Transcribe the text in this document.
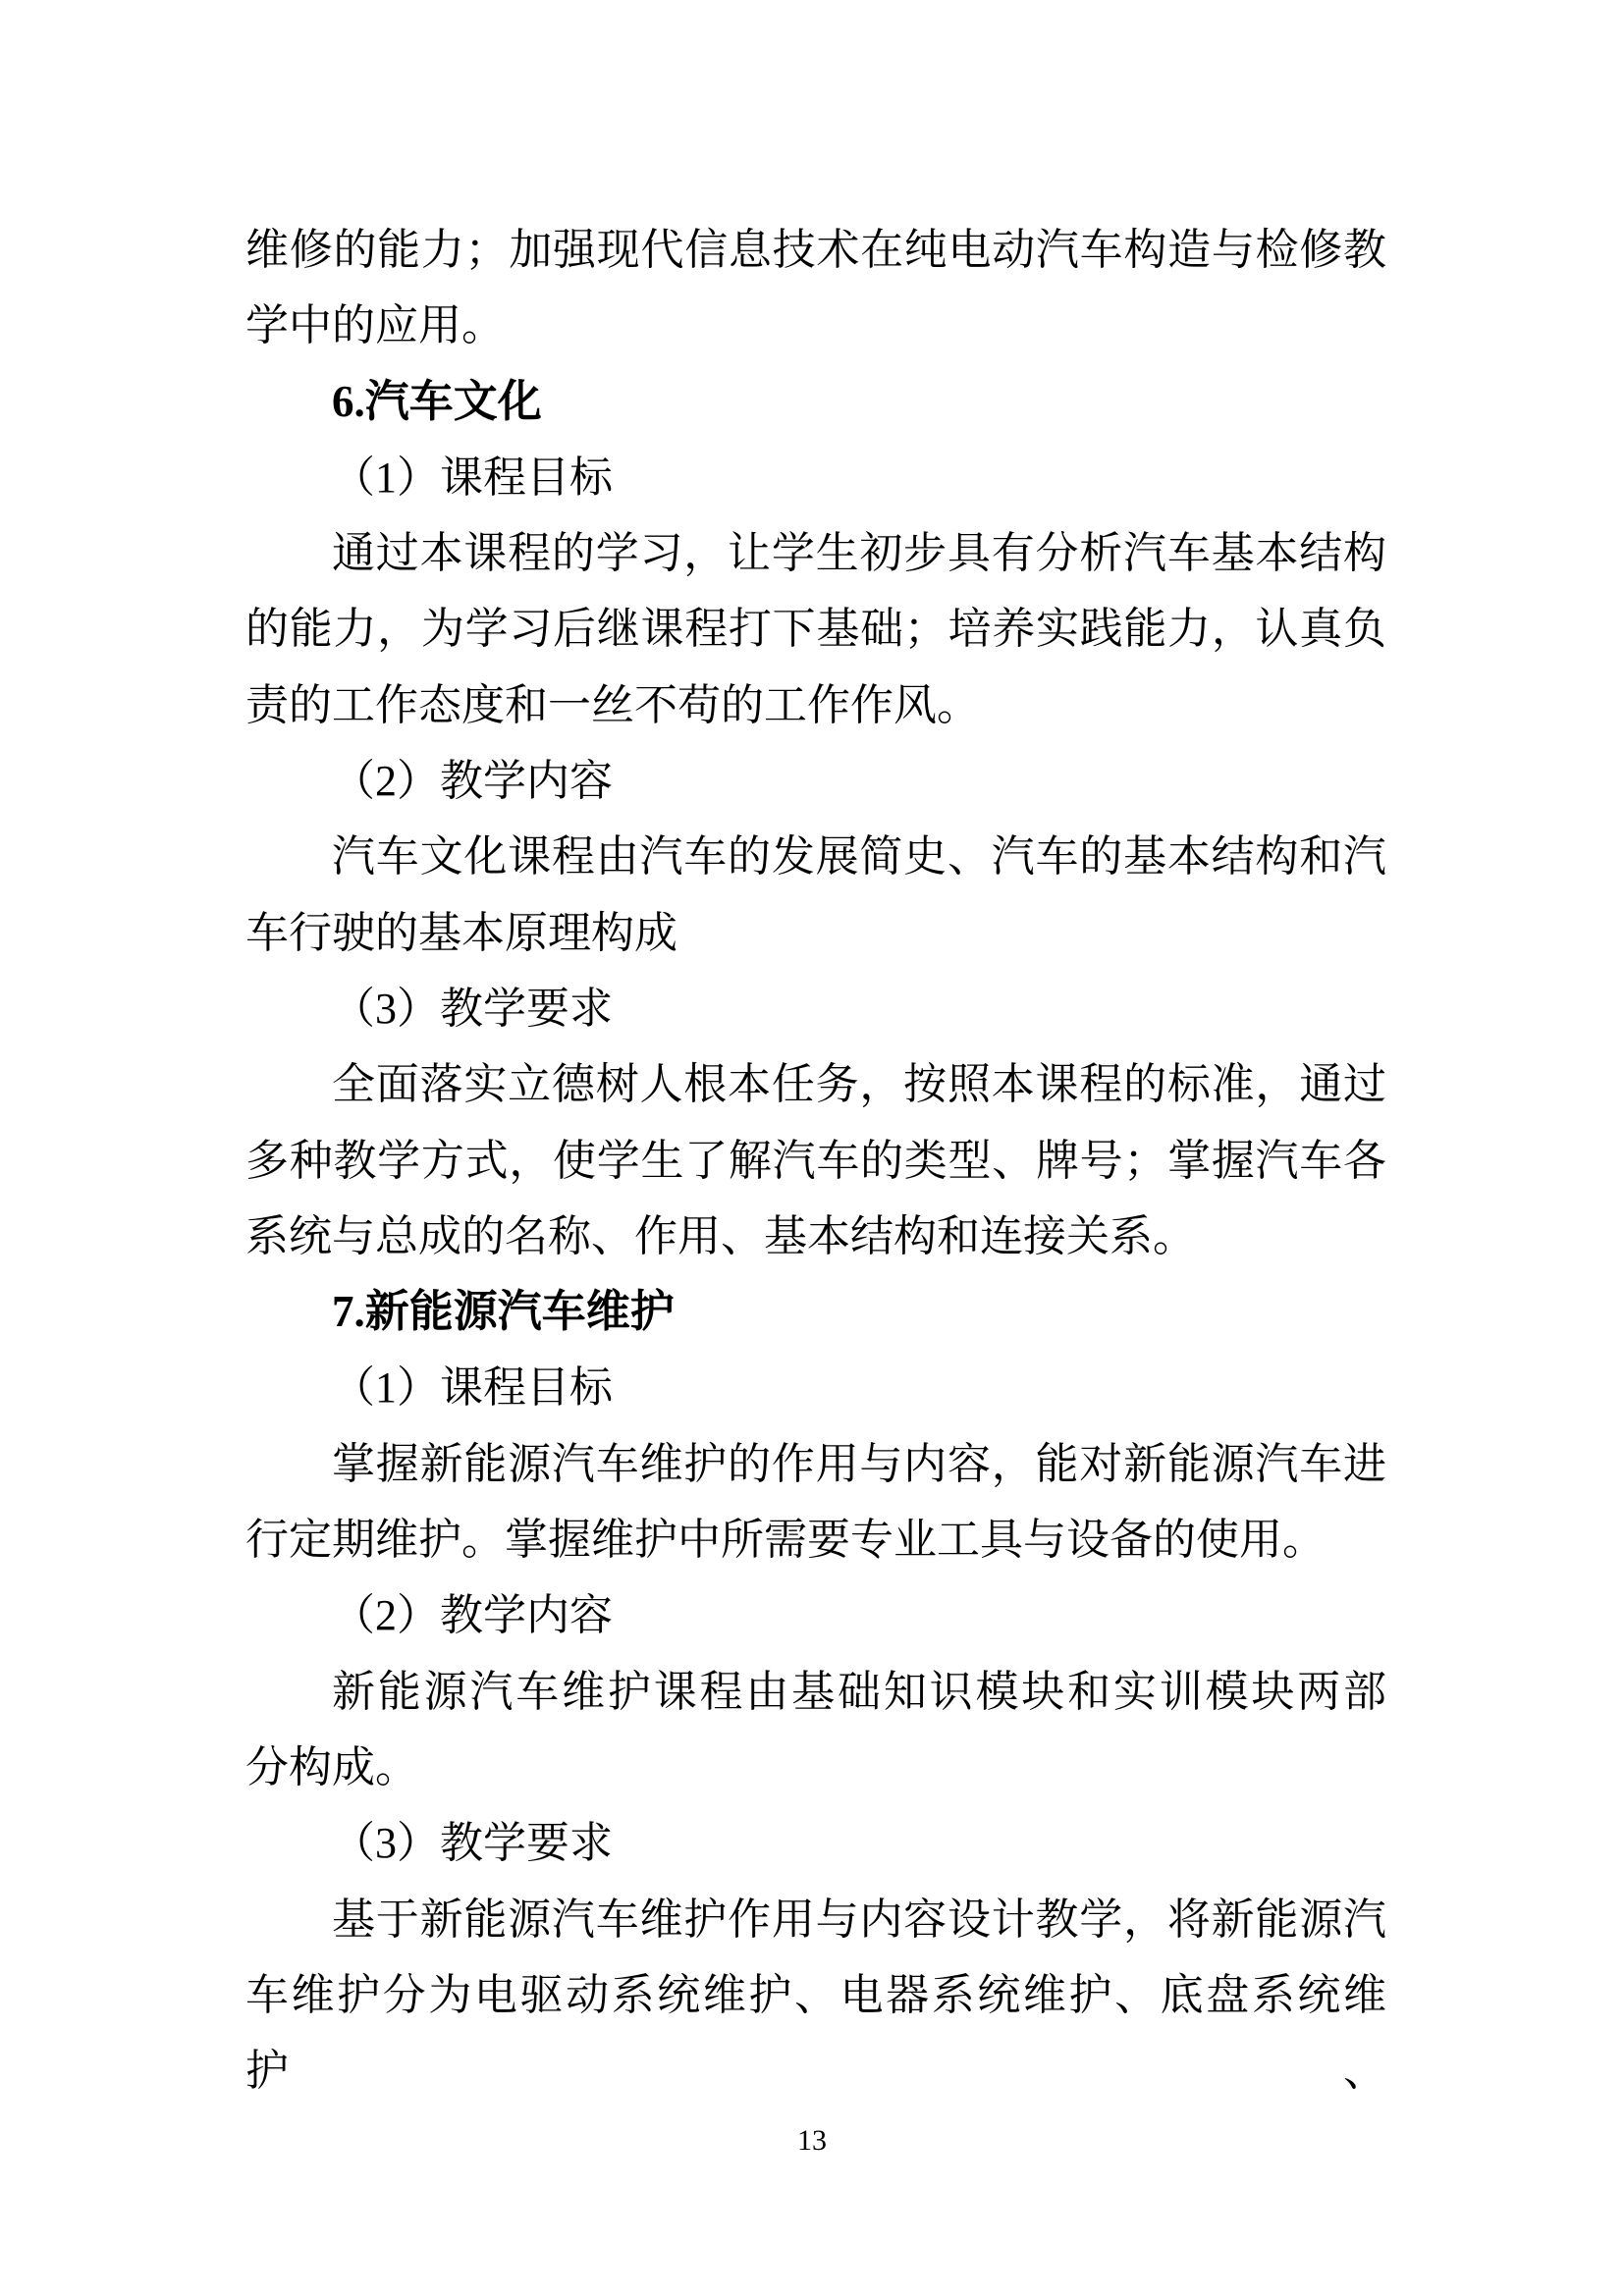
维修的能力；加强现代信息技术在纯电动汽车构造与检修教
学中的应用。
6.汽车文化
（1）课程目标
通过本课程的学习，让学生初步具有分析汽车基本结构
的能力，为学习后继课程打下基础；培养实践能力，认真负
责的工作态度和一丝不苟的工作作风。
（2）教学内容
汽车文化课程由汽车的发展简史、汽车的基本结构和汽
车行驶的基本原理构成
（3）教学要求
全面落实立德树人根本任务，按照本课程的标准，通过
多种教学方式，使学生了解汽车的类型、牌号；掌握汽车各
系统与总成的名称、作用、基本结构和连接关系。
7.新能源汽车维护
（1）课程目标
掌握新能源汽车维护的作用与内容，能对新能源汽车进
行定期维护。掌握维护中所需要专业工具与设备的使用。
（2）教学内容
新能源汽车维护课程由基础知识模块和实训模块两部
分构成。
（3）教学要求
基于新能源汽车维护作用与内容设计教学，将新能源汽
车维护分为电驱动系统维护、电器系统维护、底盘系统维护、
13
